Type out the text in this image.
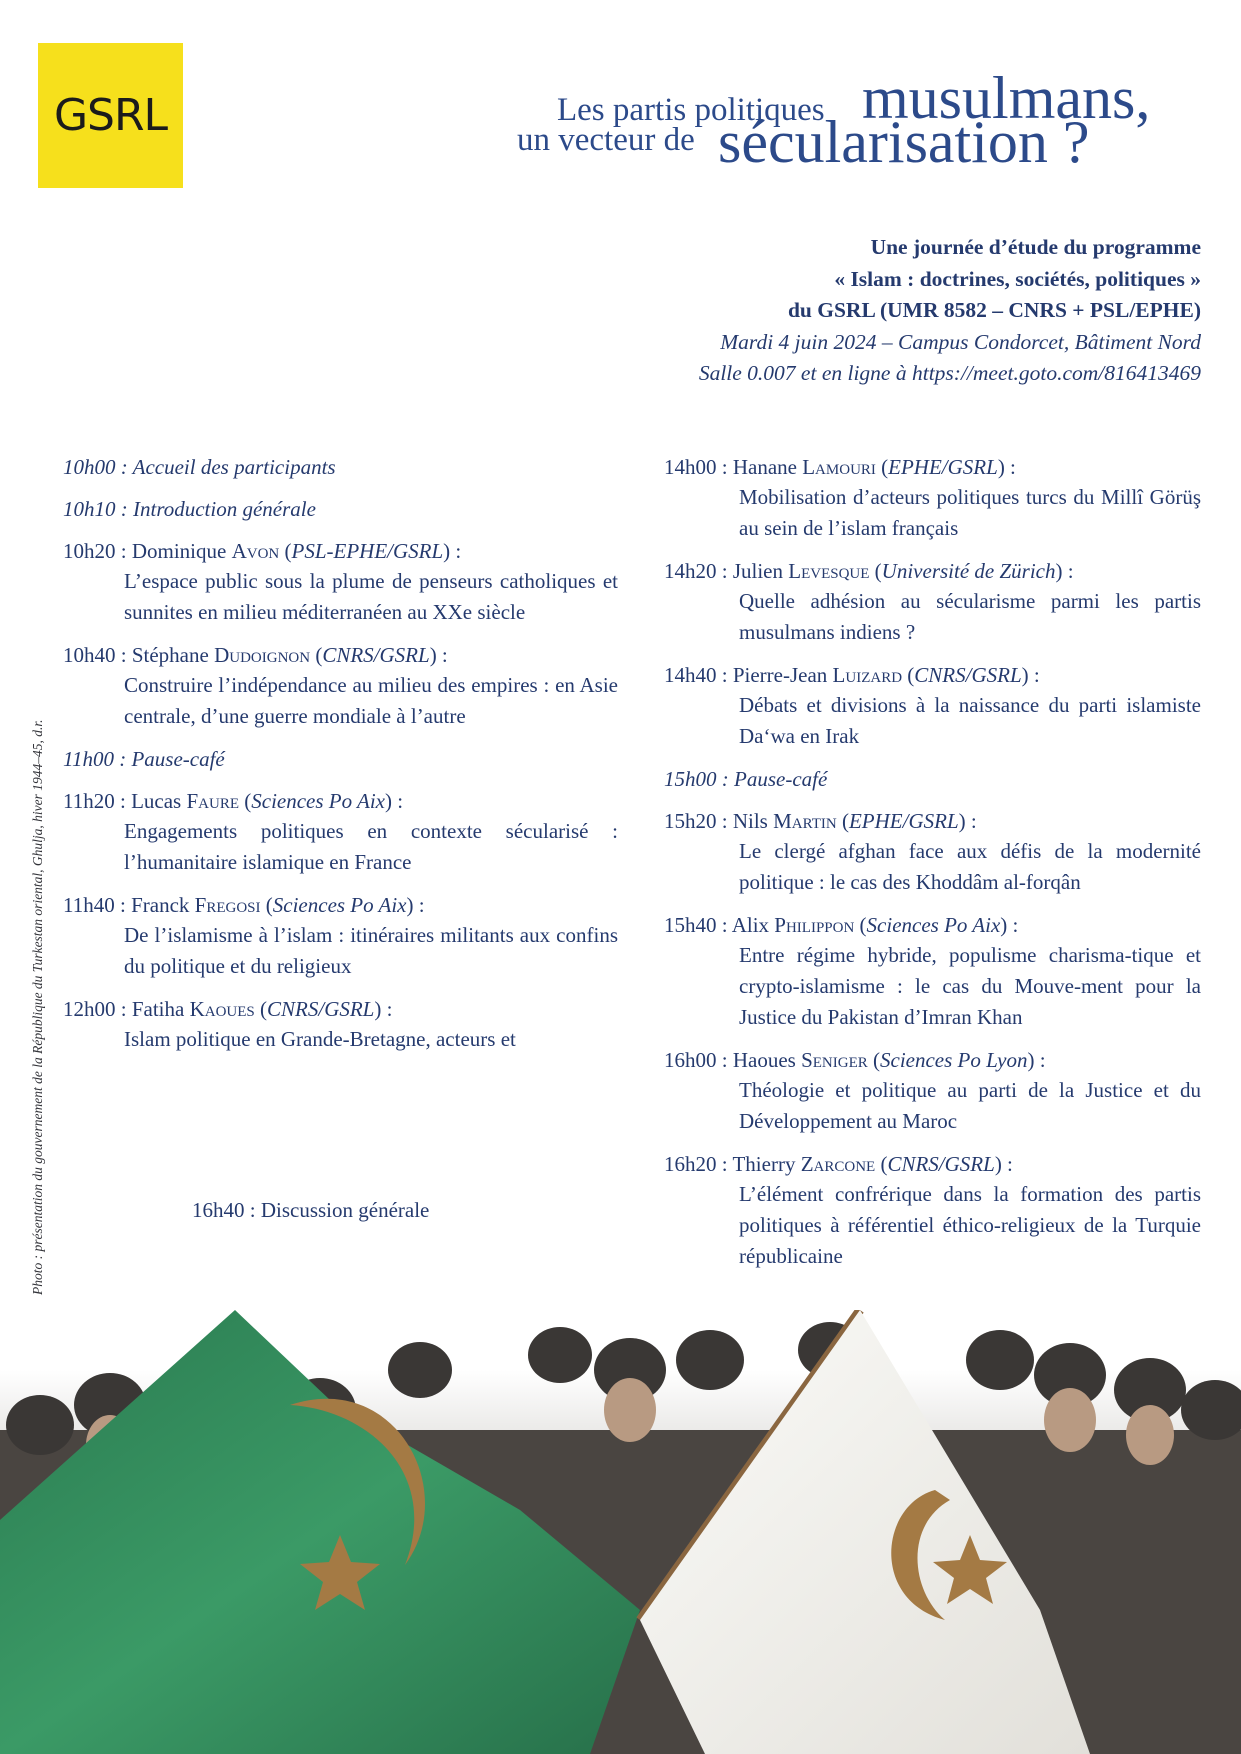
GSRL	Les partis politiques musulmans,
un vecteur de sécularisation ?
Une journée d’étude du programme
« Islam : doctrines, sociétés, politiques »
du GSRL (UMR 8582 – CNRS + PSL/EPHE)
Mardi 4 juin 2024 – Campus Condorcet, Bâtiment Nord
Salle 0.007 et en ligne à https://meet.goto.com/816413469
10h00 : Accueil des participants
10h10 : Introduction générale
10h20 : Dominique Avon (PSL-EPHE/GSRL) :
L’espace public sous la plume de penseurs catholiques et sunnites en milieu méditerranéen au XXe siècle
10h40 : Stéphane Dudoignon (CNRS/GSRL) :
Construire l’indépendance au milieu des empires : en Asie centrale, d’une guerre mondiale à l’autre
11h00 : Pause-café
11h20 : Lucas Faure (Sciences Po Aix) :
Engagements politiques en contexte sécularisé : l’humanitaire islamique en France
11h40 : Franck Fregosi (Sciences Po Aix) :
De l’islamisme à l’islam : itinéraires militants aux confins du politique et du religieux
12h00 : Fatiha Kaoues (CNRS/GSRL) :
Islam politique en Grande-Bretagne, acteurs et
14h00 : Hanane Lamouri (EPHE/GSRL) :
Mobilisation d’acteurs politiques turcs du Millî Görüş au sein de l’islam français
14h20 : Julien Levesque (Université de Zürich) :
Quelle adhésion au sécularisme parmi les partis musulmans indiens ?
14h40 : Pierre-Jean Luizard (CNRS/GSRL) :
Débats et divisions à la naissance du parti islamiste Da‘wa en Irak
15h00 : Pause-café
15h20 : Nils Martin (EPHE/GSRL) :
Le clergé afghan face aux défis de la modernité politique : le cas des Khoddâm al-forqân
15h40 : Alix Philippon (Sciences Po Aix) :
Entre régime hybride, populisme charisma-tique et crypto-islamisme : le cas du Mouve-ment pour la Justice du Pakistan d’Imran Khan
16h00 : Haoues Seniger (Sciences Po Lyon) :
Théologie et politique au parti de la Justice et du Développement au Maroc
16h20 : Thierry Zarcone (CNRS/GSRL) :
L’élément confrérique dans la formation des partis politiques à référentiel éthico-religieux de la Turquie républicaine
16h40 : Discussion générale
Photo : présentation du gouvernement de la République du Turkestan oriental, Ghulja, hiver 1944–45, d.r.
